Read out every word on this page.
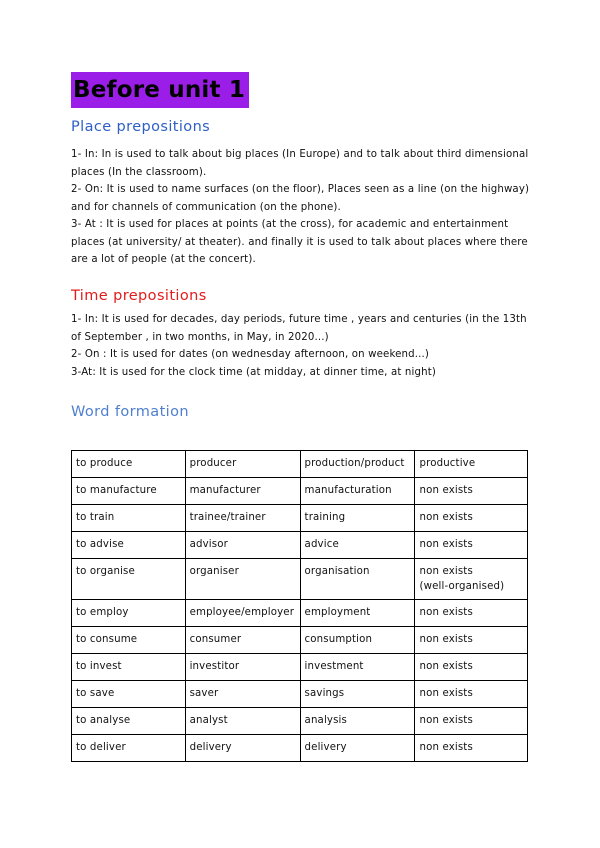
Before unit 1
Place prepositions

1- In: In is used to talk about big places (In Europe) and to talk about third dimensional places (In the classroom).

2- On: It is used to name surfaces (on the floor), Places seen as a line (on the highway) and for channels of communication (on the phone).

3- At : It is used for places at points (at the cross), for academic and entertainment places (at university/ at theater). and finally it is used to talk about places where there are a lot of people (at the concert).

Time prepositions

1- In: It is used for decades, day periods, future time , years and centuries (in the 13th of September , in two months, in May, in 2020...)

2- On : It is used for dates (on wednesday afternoon, on weekend...)

3-At: It is used for the clock time (at midday, at dinner time, at night)

Word formation
to produce	producer	production/product	productive
to manufacture	manufacturer	manufacturation	non exists
to train	trainee/trainer	training	non exists
to advise	advisor	advice	non exists
to organise	organiser	organisation	non exists
(well-organised)
to employ	employee/employer	employment	non exists
to consume	consumer	consumption	non exists
to invest	investitor	investment	non exists
to save	saver	savings	non exists
to analyse	analyst	analysis	non exists
to deliver	delivery	delivery	non exists
